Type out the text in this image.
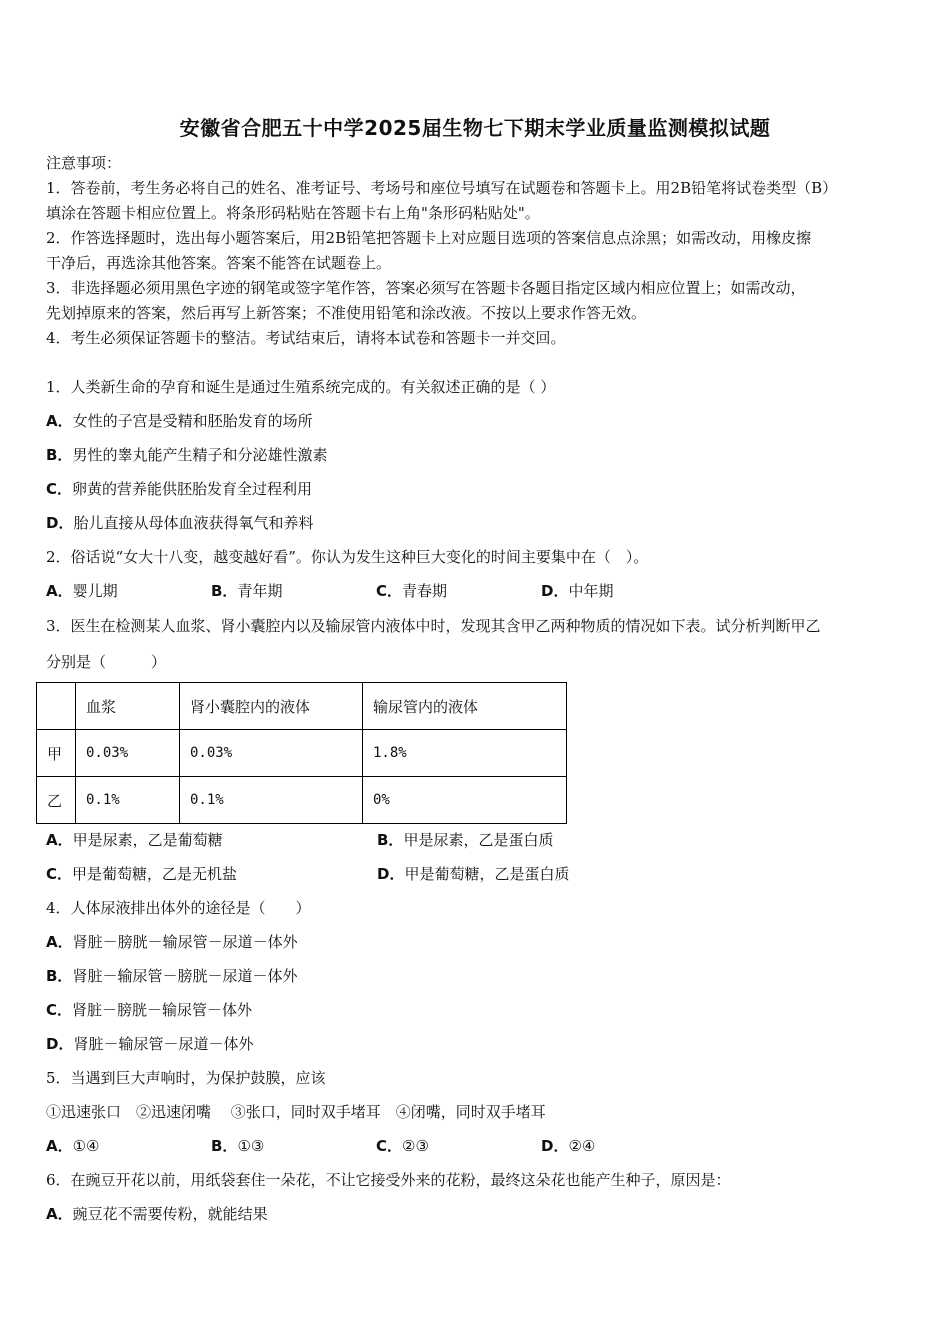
安徽省合肥五十中学2025届生物七下期末学业质量监测模拟试题
注意事项：
1．答卷前，考生务必将自己的姓名、准考证号、考场号和座位号填写在试题卷和答题卡上。用2B铅笔将试卷类型（B）
填涂在答题卡相应位置上。将条形码粘贴在答题卡右上角"条形码粘贴处"。
2．作答选择题时，选出每小题答案后，用2B铅笔把答题卡上对应题目选项的答案信息点涂黑；如需改动，用橡皮擦
干净后，再选涂其他答案。答案不能答在试题卷上。
3．非选择题必须用黑色字迹的钢笔或签字笔作答，答案必须写在答题卡各题目指定区域内相应位置上；如需改动，
先划掉原来的答案，然后再写上新答案；不准使用铅笔和涂改液。不按以上要求作答无效。
4．考生必须保证答题卡的整洁。考试结束后，请将本试卷和答题卡一并交回。
1．人类新生命的孕育和诞生是通过生殖系统完成的。有关叙述正确的是（ ）
A．女性的子宫是受精和胚胎发育的场所
B．男性的睾丸能产生精子和分泌雄性激素
C．卵黄的营养能供胚胎发育全过程利用
D．胎儿直接从母体血液获得氧气和养料
2．俗话说“女大十八变，越变越好看”。你认为发生这种巨大变化的时间主要集中在（　）。
A．婴儿期	B．青年期	C．青春期	D．中年期
3．医生在检测某人血浆、肾小囊腔内以及输尿管内液体中时，发现其含甲乙两种物质的情况如下表。试分析判断甲乙
分别是（　　　）
	血浆	肾小囊腔内的液体	输尿管内的液体
甲	0.03%	0.03%	1.8%
乙	0.1%	0.1%	0%
A．甲是尿素，乙是葡萄糖	B．甲是尿素，乙是蛋白质
C．甲是葡萄糖，乙是无机盐	D．甲是葡萄糖，乙是蛋白质
4．人体尿液排出体外的途径是（　　）
A．肾脏－膀胱－输尿管－尿道－体外
B．肾脏－输尿管－膀胱－尿道－体外
C．肾脏－膀胱－输尿管－体外
D．肾脏－输尿管－尿道－体外
5．当遇到巨大声响时，为保护鼓膜，应该
①迅速张口　②迅速闭嘴　 ③张口，同时双手堵耳　④闭嘴，同时双手堵耳
A．①④	B．①③	C．②③	D．②④
6．在豌豆开花以前，用纸袋套住一朵花，不让它接受外来的花粉，最终这朵花也能产生种子，原因是：
A．豌豆花不需要传粉，就能结果
